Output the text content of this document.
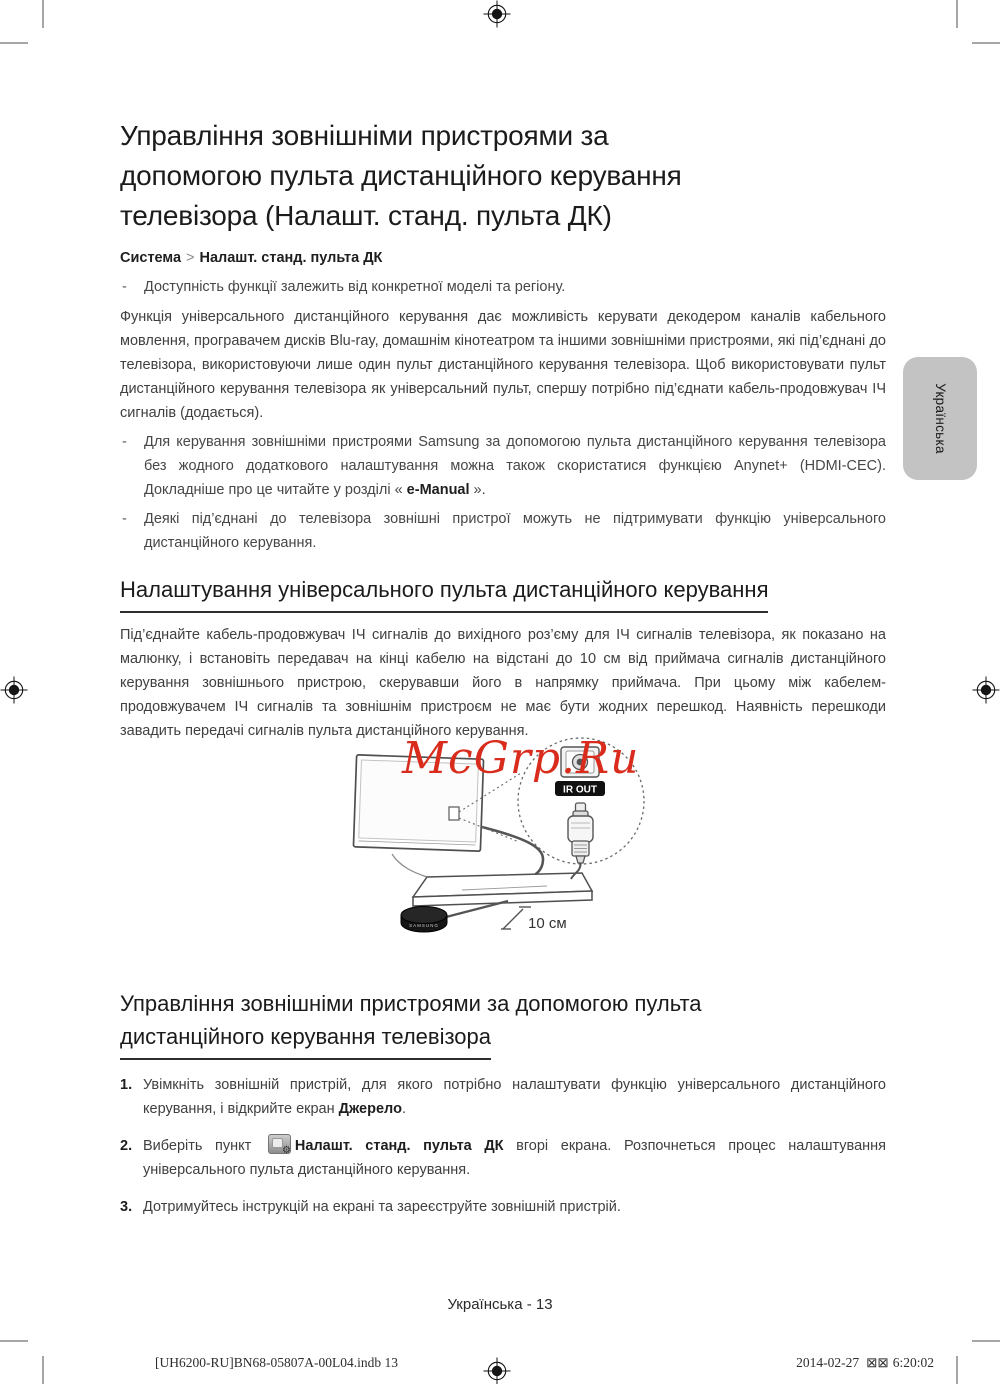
Українська
Управління зовнішніми пристроями за
допомогою пульта дистанційного керування
телевізора (Налашт. станд. пульта ДК)
Система > Налашт. станд. пульта ДК
-	Доступність функції залежить від конкретної моделі та регіону.
Функція універсального дистанційного керування дає можливість керувати декодером каналів кабельного мовлення, програвачем дисків Blu-ray, домашнім кінотеатром та іншими зовнішніми пристроями, які під’єднані до телевізора, використовуючи лише один пульт дистанційного керування телевізора. Щоб використовувати пульт дистанційного керування телевізора як універсальний пульт, спершу потрібно під’єднати кабель-продовжувач ІЧ сигналів (додається).
-	Для керування зовнішніми пристроями Samsung за допомогою пульта дистанційного керування телевізора без жодного додаткового налаштування можна також скористатися функцією Anynet+ (HDMI-CEC). Докладніше про це читайте у розділі « e-Manual ».
-	Деякі під’єднані до телевізора зовнішні пристрої можуть не підтримувати функцію універсального дистанційного керування.
Налаштування універсального пульта дистанційного керування
Під’єднайте кабель-продовжувач ІЧ сигналів до вихідного роз’єму для ІЧ сигналів телевізора, як показано на малюнку, і встановіть передавач на кінці кабелю на відстані до 10 см від приймача сигналів дистанційного керування зовнішнього пристрою, скерувавши його в напрямку приймача. При цьому між кабелем-продовжувачем ІЧ сигналів та зовнішнім пристроєм не має бути жодних перешкод. Наявність перешкоди завадить передачі сигналів пульта дистанційного керування.
McGrp.Ru
SAMSUNG	10 см
IR OUT
Управління зовнішніми пристроями за допомогою пульта
дистанційного керування телевізора
1. Увімкніть зовнішній пристрій, для якого потрібно налаштувати функцію універсального дистанційного керування, і відкрийте екран Джерело.
2. Виберіть пункт ⚙ Налашт. станд. пульта ДК вгорі екрана. Розпочнеться процес налаштування універсального пульта дистанційного керування.
3. Дотримуйтесь інструкцій на екрані та зареєструйте зовнішній пристрій.
Українська - 13
[UH6200-RU]BN68-05807A-00L04.indb 13	2014-02-27 ⊠⊠ 6:20:02
